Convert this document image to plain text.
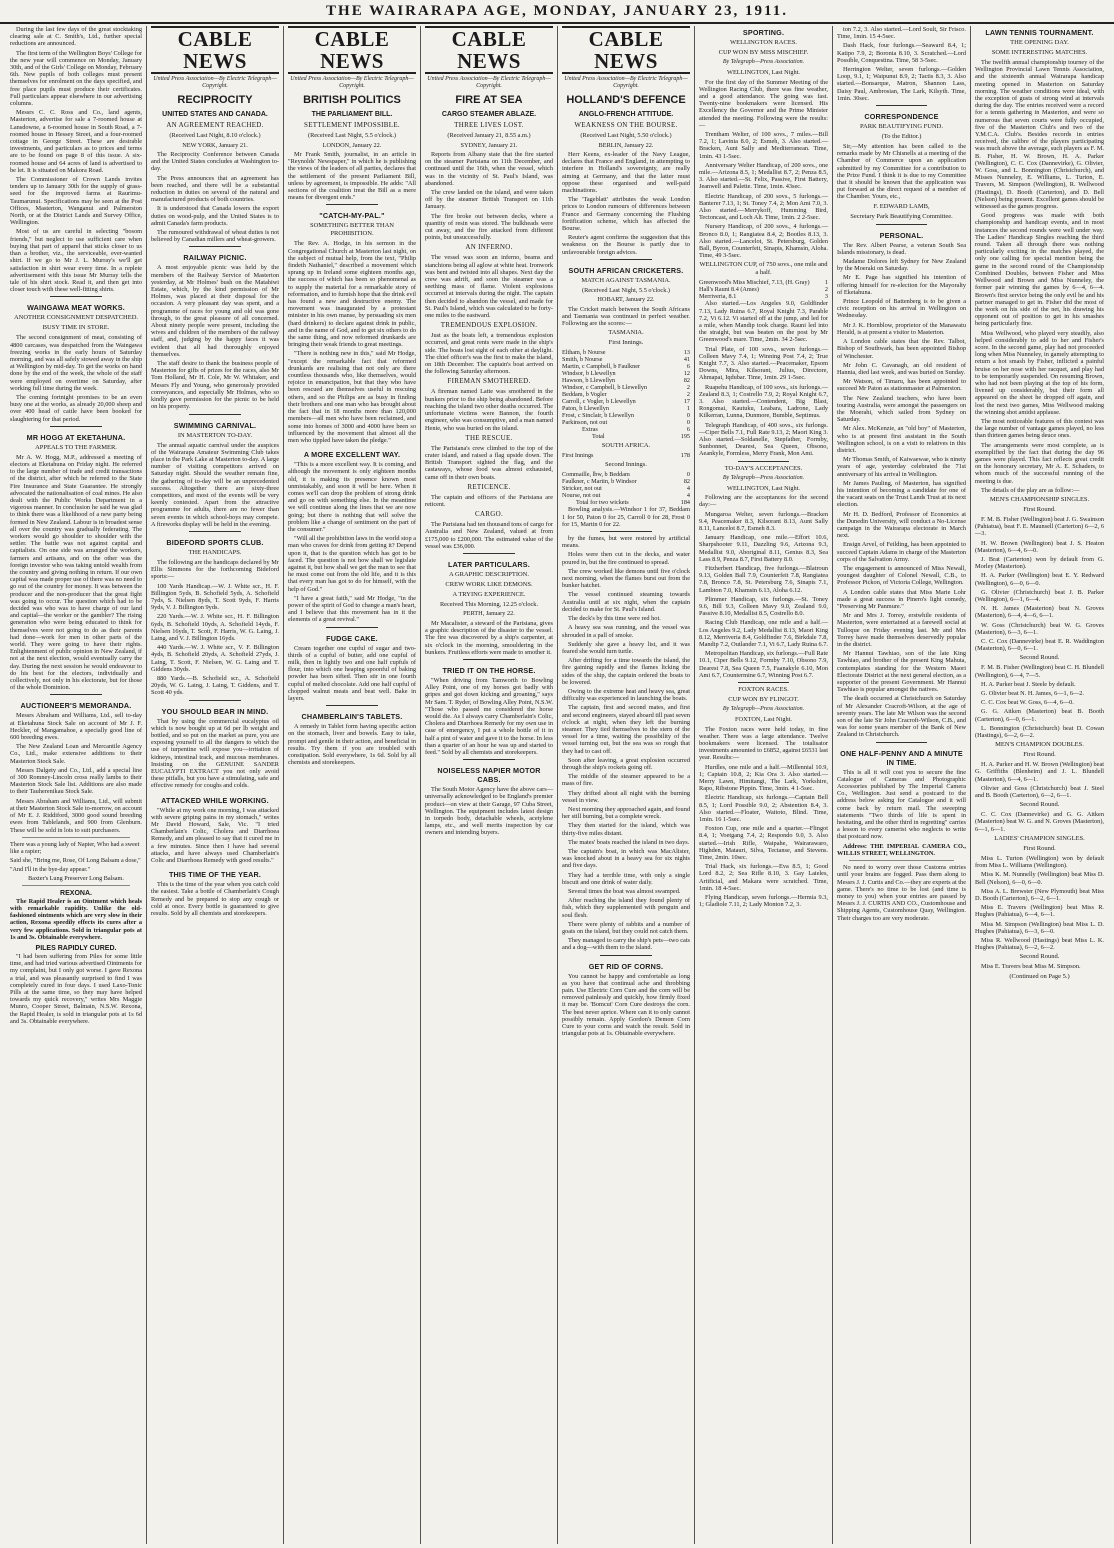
THE WAIRARAPA AGE, MONDAY, JANUARY 23, 1911.

During the last few days of the great stocktaking clearing sale at C. Smith's, Ltd., further special reductions are announced.

The first term of the Wellington Boys' College for the new year will commence on Monday, January 30th, and of the Girls' College on Monday, February 6th. New pupils of both colleges must present themselves for enrolment on the days specified, and free place pupils must produce their certificates. Full particulars appear elsewhere in our advertising columns.

Messrs C. C. Ross and Co., land agents, Masterton, advertise for sale a 7-roomed house at Lansdowne, a 6-roomed house in South Road, a 7-roomed house in Hessey Street, and a four-roomed cottage in George Street. These are desirable investments, and particulars as to prices and terms are to be found on page 8 of this issue. A six-roomed house and 64 acres of land is advertised to be let. It is situated on Makora Road.

The Commissioner of Crown Lands invites tenders up to January 30th for the supply of grass-seed for the improved farms at Raurimu-Taumarunui. Specifications may be seen at the Post Offices, Masterton, Wanganui and Palmerston North, or at the District Lands and Survey Office, Wellington.

Most of us are careful in selecting "bosom friends," but neglect to use sufficient care when buying that part of apparel that sticks closer to us than a brother, viz., the serviceable, ever-wanted shirt. If we go to Mr J. L. Murray's we'll get satisfaction in shirt wear every time. In a replete advertisement with this issue Mr Murray tells the tale of his shirt stock. Read it, and then get into closer touch with these well-fitting shirts.

WAINGAWA MEAT WORKS.
ANOTHER CONSIGNMENT DESPATCHED.
BUSY TIME IN STORE.

The second consignment of meat, consisting of 4800 carcases, was despatched from the Waingawa freezing works in the early hours of Saturday morning, and was all safely stowed away in the ship at Wellington by mid-day. To get the works on hand done by the end of the week, the whole of the staff were employed on overtime on Saturday, after working full time during the week.

The coming fortnight promises to be an even busy one at the works, as already 20,000 sheep and over 400 head of cattle have been booked for slaughtering for that period.

MR HOGG AT EKETAHUNA.
APPEALS TO THE FARMER.

Mr A. W. Hogg, M.P., addressed a meeting of electors at Eketahuna on Friday night. He referred to the large number of trade and credit transactions of the district, after which he referred to the State Fire Insurance and State Guarantee. He strongly advocated the nationalisation of coal mines. He also dealt with the Public Works Department in a vigorous manner. In conclusion he said he was glad to think there was a likelihood of a new party being formed in New Zealand. Labour is in broadest sense all over the country was gradually federating. The workers would go shoulder to shoulder with the settler. The battle was not against capital and capitalists. On one side was arranged the workers, farmers and artisans, and on the other was the foreign investor who was taking untold wealth from the country and giving nothing in return. If our own capital was made proper use of there was no need to go out of the country for money. It was between the producer and the non-producer that the great fight was going to occur. The question which had to be decided was who was to have charge of our land and capital—the worker or the gambler? The rising generation who were being educated to think for themselves were not going to do as their parents had done—work for men in other parts of the world. They were going to have their rights. Enlightenment of public opinion in New Zealand, if not at the next election, would eventually carry the day. During the next session he would endeavour to do his best for the electors, individually and collectively, not only in his electorate, but for those of the whole Dominion.

AUCTIONEER'S MEMORANDA.

Messrs Abraham and Williams, Ltd., sell to-day at Eketahuna Stock Sale on account of Mr J. F. Heckler, of Mangamahoe, a specially good line of 600 breeding ewes.

The New Zealand Loan and Mercantile Agency Co., Ltd., make extensive additions to their Masterton Stock Sale.

Messrs Dalgety and Co., Ltd., add a special line of 300 Romney-Lincoln cross really lambs to their Masterton Stock Sale list. Additions are also made to their Tauherenikau Stock Sale.

Messrs Abraham and Williams, Ltd., will submit at their Masterton Stock Sale to-morrow, on account of Mr E. J. Riddiford, 3000 good sound breeding ewes from Tablelands, and 900 from Glenburn. These will be sold in lots to suit purchasers.

There was a young lady of Napier, Who had a sweet like a rapier;
Said she, "Bring me, Rose, Of Long Balsam a dose,"
"And I'll in the bye-day appear."
Baxter's Lung Preserver Long Balsam.
REXONA.

The Rapid Healer is an Ointment which heals with remarkable rapidity. Unlike the old-fashioned ointments which are very slow in their action, Rexona speedily effects its cures after a very few applications. Sold in triangular pots at 1s and 3s. Obtainable everywhere.

PILES RAPIDLY CURED.

"I had been suffering from Piles for some little time, and had tried various advertised Ointments for my complaint, but I only got worse. I gave Rexona a trial, and was pleasantly surprised to find I was completely cured in four days. I used Laxo-Tonic Pills at the same time, so they may have helped towards my quick recovery," writes Mrs Maggie Munro, Cooper Street, Balmain, N.S.W. Rexona, the Rapid Healer, is sold in triangular pots at 1s 6d and 3s. Obtainable everywhere.

CABLE NEWS
United Press Association—By Electric Telegraph—Copyright.
RECIPROCITY
UNITED STATES AND CANADA.
AN AGREEMENT REACHED.
(Received Last Night, 8.10 o'clock.)
NEW YORK, January 21.

The Reciprocity Conference between Canada and the United States concludes at Washington to-day.

The Press announces that an agreement has been reached, and there will be a substantial reduction in duties on several of the natural and manufactured products of both countries.

It is understood that Canada lowers the export duties on wood-pulp, and the United States is to admit Canada's farm products.

The rumoured withdrawal of wheat duties is not believed by Canadian millers and wheat-growers.

RAILWAY PICNIC.

A most enjoyable picnic was held by the members of the Railway Service of Masterton yesterday, at Mr Holmes' bush on the Matahiwi Estate, which, by the kind permission of Mr Holmes, was placed at their disposal for the occasion. A very pleasant day was spent, and a programme of races for young and old was gone through, to the great pleasure of all concerned. About ninety people were present, including the wives and children of the members of the railway staff, and, judging by the happy faces it was evident that all had thoroughly enjoyed themselves.

The staff desire to thank the business people of Masterton for gifts of prizes for the races, also Mr Tom Holland, Mr H. Cole, Mr W. Whitaker, and Messrs Fly and Young, who generously provided conveyances, and especially Mr Holmes, who so kindly gave permission for the picnic to be held on his property.

SWIMMING CARNIVAL.
IN MASTERTON TO-DAY.

The annual aquatic carnival under the auspices of the Wairarapa Amateur Swimming Club takes place in the Park Lake at Masterton to-day. A large number of visiting competitors arrived on Saturday night. Should the weather remain fine, the gathering of to-day will be an unprecedented success. Altogether there are sixty-three competitors, and most of the events will be very keenly contested. Apart from the attractive programme for adults, there are no fewer than seven events in which school-boys may compete. A fireworks display will be held in the evening.

BIDEFORD SPORTS CLUB.
THE HANDICAPS.

The following are the handicaps declared by Mr Ellis Simmons for the forthcoming Bideford sports:—

100 Yards Handicap.—W. J. White scr., H. F. Billington 5yds, B. Schofield 5yds, A. Schofield 7yds, S. Nielsen 8yds, T. Scott 9yds, F. Harris 9yds, V. J. Billington 9yds.

220 Yards.—W. J. White scr., H. F. Billington 6yds, B. Schofield 10yds, A. Schofield 14yds, F. Nielsen 16yds, T. Scott, F. Harris, W. G. Laing, J. Laing, and V. J. Billington 16yds.

440 Yards.—W. J. White scr., V. F. Billington 4yds, B. Schofield 20yds, A. Schofield 27yds, J. Laing, T. Scott, F. Nielsen, W. G. Laing and T. Giddens 30yds.

880 Yards.—B. Schofield scr., A. Schofield 20yds, W. G. Laing, J. Laing, T. Giddens, and T. Scott 40 yds.

YOU SHOULD BEAR IN MIND.

That by using the commercial eucalyptus oil which is now bought up at 6d per lb weight and bottled, and so put on the market as pure, you are exposing yourself to all the dangers to which the use of turpentine will expose you—irritation of kidneys, intestinal track, and mucous membranes. Insisting on the GENUINE SANDER EUCALYPTI EXTRACT you not only avoid these pitfalls, but you have a stimulating, safe and effective remedy for coughs and colds.

ATTACKED WHILE WORKING.

"While at my work one morning, I was attacked with severe griping pains in my stomach," writes Mr David Howard, Sale, Vic. "I tried Chamberlain's Colic, Cholera and Diarrhoea Remedy, and am pleased to say that it cured me in a few minutes. Since then I have had several attacks, and have always used Chamberlain's Colic and Diarrhoea Remedy with good results."

THIS TIME OF THE YEAR.

This is the time of the year when you catch cold the easiest. Take a bottle of Chamberlain's Cough Remedy and be prepared to stop any cough or cold at once. Every bottle is guaranteed to give results. Sold by all chemists and storekeepers.

CABLE NEWS
United Press Association—By Electric Telegraph—Copyright.
BRITISH POLITICS
THE PARLIAMENT BILL.
SETTLEMENT IMPOSSIBLE.
(Received Last Night, 5.5 o'clock.)
LONDON, January 22.

Mr Frank Smith, journalist, in an article in "Reynolds' Newspaper," in which he is publishing the views of the leaders of all parties, declares that the settlement of the present Parliament Bill, unless by agreement, is impossible. He adds: "All sections of the coalition treat the Bill as a mere means for divergent ends."

"CATCH-MY-PAL."
SOMETHING BETTER THAN PROHIBITION.

The Rev. A. Hodge, in his sermon in the Congregational Church at Masterton last night, on the subject of mutual help, from the text, "Philip findeth Nathaniel," described a movement which sprang up in Ireland some eighteen months ago, the success of which has been so phenomenal as to supply the material for a remarkable story of reformation, and to furnish hope that the drink evil has found a new and destructive enemy. The movement was inaugurated by a protestant minister in his own manse, by persuading six men (hard drinkers) to declare against drink in public, and in the name of God, and to get six others to do the same thing, and now reformed drunkards are bringing their weak friends to great meetings.

"There is nothing new in this," said Mr Hodge, "except the remarkable fact that reformed drunkards are realising that not only are there countless thousands who, like themselves, would rejoice in emancipation, but that they who have been rescued are themselves useful in rescuing others, and so the Philips are as busy in finding their brothers and one man who has brought about the fact that in 18 months more than 120,000 members—all men who have been reclaimed, and some into homes of 3000 and 4000 have been so influenced by the movement that almost all the men who tippled have taken the pledge."

A MORE EXCELLENT WAY.

"This is a more excellent way. It is coming, and although the movement is only eighteen months old, it is making its presence known most unmistakably, and soon it will be here. When it comes we'll can drop the problem of strong drink and go on with something else. In the meantime we will continue along the lines that we are now going; but there is nothing that will solve the problem like a change of sentiment on the part of the consumer."

"Will all the prohibition laws in the world stop a man who craves for drink from getting it? Depend upon it, that is the question which has got to be faced. The question is not how shall we legislate against it, but how shall we get the man to see that he must come out from the old life, and it is this that every man has got to do for himself, with the help of God."

"I have a great faith," said Mr Hodge, "in the power of the spirit of God to change a man's heart, and I believe that this movement has in it the elements of a great revival."

FUDGE CAKE.

Cream together one cupful of sugar and two-thirds of a cupful of butter, add one cupful of milk, then in lightly two and one half cupfuls of flour, into which one heaping spoonful of baking powder has been sifted. Then stir in one fourth cupful of melted chocolate. Add one half cupful of chopped walnut meats and beat well. Bake in layers.

CHAMBERLAIN'S TABLETS.

A remedy in Tablet form having specific action on the stomach, liver and bowels. Easy to take, prompt and gentle in their action, and beneficial in results. Try them if you are troubled with constipation. Sold everywhere, 1s 6d. Sold by all chemists and storekeepers.

CABLE NEWS
United Press Association—By Electric Telegraph—Copyright.
FIRE AT SEA
CARGO STEAMER ABLAZE.
THREE LIVES LOST.
(Received January 21, 8.55 a.m.)
SYDNEY, January 21.

Reports from Albany state that the fire started on the steamer Parisiana on 11th December, and continued until the 16th, when the vessel, which was in the vicinity of St. Paul's Island, was abandoned.

The crew landed on the island, and were taken off by the steamer British Transport on 11th January.

The fire broke out between decks, where a quantity of resin was stored. The bulkheads were cut away, and the fire attacked from different points, but unsuccessfully.

AN INFERNO.

The vessel was soon an inferno, beams and stanchions being all aglow at white heat. Ironwork was bent and twisted into all shapes. Next day the crew was adrift, and soon the steamer was a seething mass of flame. Violent explosions occurred at intervals during the night. The captain then decided to abandon the vessel, and made for St. Paul's Island, which was calculated to be forty-one miles to the eastward.

TREMENDOUS EXPLOSION.

Just as the boats left, a tremendous explosion occurred, and great rents were made in the ship's side. The boats lost sight of each other at daylight. The chief officer's was the first to make the island, on 18th December. The captain's boat arrived on the following Saturday afternoon.

FIREMAN SMOTHERED.

A fireman named Latte was smothered in the bunkers prior to the ship being abandoned. Before reaching the island two other deaths occurred. The unfortunate victims were Bannon, the fourth engineer, who was consumptive, and a man named Henie, who was buried on the island.

THE RESCUE.

The Parisiana's crew climbed to the top of the crater island, and raised a flag upside down. The British Transport sighted the flag, and the castaways, whose food was almost exhausted, came off in their own boats.

RETICENCE.

The captain and officers of the Parisiana are reticent.

CARGO.

The Parisiana had ten thousand tons of cargo for Australia and New Zealand, valued at from £175,000 to £200,000. The estimated value of the vessel was £36,000.

LATER PARTICULARS.
A GRAPHIC DESCRIPTION.
CREW WORK LIKE DEMONS.
A TRYING EXPERIENCE.
Received This Morning, 12.25 o'clock.
PERTH, January 22.

Mr Macalister, a steward of the Parisiana, gives a graphic description of the disaster to the vessel. The fire was discovered by a ship's carpenter, at six o'clock in the morning, smouldering in the bunkers. Fruitless efforts were made to smother it.

TRIED IT ON THE HORSE.

"When driving from Tamworth to Bowling Alley Point, one of my horses got badly with gripes and got down kicking and groaning," says Mr Sam. T. Ryder, of Bowling Alley Point, N.S.W. "Those who passed me considered the horse would die. As I always carry Chamberlain's Colic, Cholera and Diarrhoea Remedy for my own use in case of emergency, I put a whole bottle of it in half a pint of water and gave it to the horse. In less than a quarter of an hour he was up and started to feed." Sold by all chemists and storekeepers.

NOISELESS NAPIER MOTOR CABS.

The South Motor Agency have the above cars—universally acknowledged to be England's premier product—on view at their Garage, 97 Cuba Street, Wellington. The equipment includes latest design in torpedo body, detachable wheels, acetylene lamps, etc., and well merits inspection by car owners and intending buyers.

CABLE NEWS
United Press Association—By Electric Telegraph—Copyright.
HOLLAND'S DEFENCE
ANGLO-FRENCH ATTITUDE.
WEAKNESS ON THE BOURSE.
(Received Last Night, 5.50 o'clock.)
BERLIN, January 22.

Herr Keens, ex-leader of the Navy League, declares that France and England, in attempting to interfere in Holland's sovereignty, are really aiming at Germany, and that the latter must oppose these organised and well-paid machinations.

The 'Tageblatt' attributes the weak London prices to London rumours of differences between France and Germany concerning the Flushing fortification scheme, which has affected the Bourse.

Reuter's agent confirms the suggestion that this weakness on the Bourse is partly due to unfavourable foreign advices.

SOUTH AFRICAN CRICKETERS.
MATCH AGAINST TASMANIA.
(Received Last Night, 5.5 o'clock.)
HOBART, January 22.

The Cricket match between the South Africans and Tasmania was continued in perfect weather. Following are the scores:—

TASMANIA.
First Innings.
Eltham, b Nourse	13
Smith, b Nourse	41
Martin, c Campbell, b Faulkner	6
Windsor, b Llewellyn	12
Hawson, b Llewellyn	82
Windsor, c Campbell, b Llewellyn	2
Beddam, b Vogler	2
Carroll, c Vogler, b Llewellyn	17
Paton, b Llewellyn	1
Frost, c Sinclair, b Llewellyn	0
Parkinson, not out	0
Extras	6
Total	195
SOUTH AFRICA.
First Innings	178
Second Innings.
Commaille, lbw, b Beddam	0
Faulkner, c Martin, b Windsor	82
Stricker, not out	4
Nourse, not out	4
Total for two wickets	184

Bowling analysis.—Windsor 1 for 37, Beddam 1 for 50, Paton 0 for 25, Carroll 0 for 28, Frost 0 for 15, Martin 0 for 22.

by the fumes, but were restored by artificial means.

Holes were then cut in the decks, and water poured in, but the fire continued to spread.

The crew worked like demons until five o'clock next morning, when the flames burst out from the bunker hatchet.

The vessel continued steaming towards Australia until at six night, when the captain decided to make for St. Paul's Island.

The deck's by this time were red hot.

A heavy sea was running, and the vessel was shrouded in a pall of smoke.

Suddenly she gave a heavy list, and it was feared she would turn turtle.

After drifting for a time towards the island, the fire gaining rapidly and the flames licking the sides of the ship, the captain ordered the boats to be lowered.

Owing to the extreme heat and heavy sea, great difficulty was experienced in launching the boats.

The captain, first and second mates, and first and second engineers, stayed aboard till past seven o'clock at night, when they left the burning steamer. They tied themselves to the stern of the vessel for a time, waiting the possibility of the vessel turning out, but the sea was so rough that they had to cast off.

Soon after leaving, a great explosion occurred through the ship's rockets going off.

The middle of the steamer appeared to be a mass of fire.

They drifted about all night with the burning vessel in view.

Next morning they approached again, and found her still burning, but a complete wreck.

They then started for the island, which was thirty-five miles distant.

The mates' boats reached the island in two days.

The captain's boat, in which was MacAlister, was knocked about in a heavy sea for six nights and five days.

They had a terrible time, with only a single biscuit and one drink of water daily.

Several times the boat was almost swamped.

After reaching the island they found plenty of fish, which they supplemented with penguin and soul flesh.

There were plenty of rabbits and a number of goats on the island, but they could not catch them.

They managed to carry the ship's pets—two cats and a dog—with them to the island.

GET RID OF CORNS.

You cannot be happy and comfortable as long as you have that continual ache and throbbing pain. Use Electric Corn Cure and the corn will be removed painlessly and quickly, how firmly fixed it may be. 'Bomcut' Corn Cure destroys the corn. The best never aprice. Where can it to only cannot possibly remain. Apply Gordon's Demon Corn Cure to your corns and watch the result. Sold in triangular pots at 1s. Obtainable everywhere.

SPORTING.
WELLINGTON RACES.
CUP WON BY MISS MISCHIEF.
By Telegraph—Press Association.
WELLINGTON, Last Night.

For the first day of the Summer Meeting of the Wellington Racing Club, there was fine weather, and a good attendance. The going was fast. Twenty-nine bookmakers were licensed. His Excellency the Governor and the Prime Minister attended the meeting. Following were the results:—

Trentham Welter, of 100 sovs., 7 miles.—Bill 7.2, 1; Lavinia 8.0, 2; Esmeh, 3. Also started.—Bracken, Aunt Sally and Mediterranean. Time, 1min. 43 1-5sec.

Anniversary Welter Handicap, of 200 sovs., one mile.—Arizona 8.5, 1; Medallist 8.7, 2; Penza 8.5, 3. Also started.—St. Felix, Passive, First Battery, Jeanwell and Palette. Time, 1min. 43sec.

Electric Handicap, of 200 sovs., 5 furlongs.—Banterer 7.13, 1; St. Toney 7.4, 2; Mon Ami 7.0, 3. Also started.—Merrykoff, Humming Bird, Tectoncast, and Loch Alt. Time, 1min. 2 2-5sec.

Nursery Handicap, of 200 sovs., 4 furlongs.—Bronco 8.0, 1; Rangiatea 8.4, 2; Bootles 8.13, 3. Also started.—Lancelot, St. Petersburg, Golden Ball, Byron, Counterfeit, Sinapis, Khamsin, Aloha. Time, 49 3-5sec.

WELLINGTON CUP, of 750 sovs., one mile and a half.
Greenwood's Miss Mischief, 7.13, (H. Gray)	1
Hall's Rauni 8.4 (Ames)	2
Merriveria, 8.1	3

Also started.—Los Angeles 9.0, Goldfinder 7.13, Lady Ruina 6.7, Royal Knight 7.3, Parable 7.2, Vi 6.12. Vi started off at the jump, and led for a mile, when Mandip took charge. Rauni led into the straight, but was beaten on the post by Mr Greenwood's mare. Time, 2min. 34 2-5sec.

Trial Plate, of 100 sovs., seven furlongs.—Colleen Mavy 7.4, 1; Winning Post 7.4, 2; True Knight 7.7, 3. Also started.—Peacemaker, Epsom Downs, Mira, Kilsorant, Julius, Directore, Ahmapai, Iqdubar. Time, 1min. 29 1-5sec.

Ruapehu Handicap, of 100 sovs., six furlongs.—Zealand 8.3, 1; Costrello 7.9, 2; Royal Knight 6.7, 3. Also started.—Contendent, Big Blast, Rongomai, Kautuku, Leabara, Ladrone, Lady Kilkerran, Lunna, Dunmore, Bumble, Septimus.

Telegraph Handicap, of 400 sovs., six furlongs.—Ciper Bells 7.1, Full Rate 9.13, 2; Maori King 3. Also started.—Soldanelle, Stepfather, Formby, Sunbonnet, Dearest, Sea Queen, Obsono, Aeankyle, Formless, Merry Frank, Mon Ami.

TO-DAY'S ACCEPTANCES.
By Telegraph—Press Association.
WELLINGTON, Last Night.

Following are the acceptances for the second day:—

Mungaroa Welter, seven furlongs.—Bracken 9.4, Peacemaker 8.3, Kilsorant 8.13, Aunt Sally 8.11, Lancelot 8.7, Esmeh 8.3.

January Handicap, one mile.—Effort 10.6, Sharpshooter 9.11, Dazzling 9.6, Arizona 9.3, Medallist 9.0, Aboriginal 8.11, Genius 8.3, Sea Lass 8.9, Penza 8.7, First Battery 8.0.

Fitzherbert Handicap, five furlongs.—Blatroun 9.13, Golden Ball 7.9, Counterfeit 7.8, Rangiatea 7.8, Bronco 7.8, St. Petersburg 7.6, Sinapis 7.1, Lambton 7.0, Khamsin 6.13, Aloha 6.12.

Plimmer Handicap, six furlongs.—St. Toney 9.6, Bill 9.3, Colleen Mavy 9.0, Zealand 9.0, Passive 8.10, Medallist 8.5, Costrello 8.0.

Racing Club Handicap, one mile and a half.—Los Angeles 9.2, Lady Medallist 8.13, Maori King 8.12, Merriveria 8.4, Goldfinder 7.6, Birkdale 7.8, Mandip 7.2, Outlander 7.1, Vi 6.7, Lady Ruina 6.7.

Metropolitan Handicap, six furlongs.—Full Rate 10.1, Ciper Bells 9.12, Formby 7.10, Obsono 7.9, Dearest 7.8, Sea Queen 7.5, Faanakyle 6.10, Mon Ami 6.7, Countermine 6.7, Winning Post 6.7.

FOXTON RACES.
CUP WON BY FLINGOT.
By Telegraph—Press Association.
FOXTON, Last Night.

The Foxton races were held today, in fine weather. There was a large attendance. Twelve bookmakers were licensed. The totalisator investments amounted to £6852, against £6531 last year. Results:—

Hurdles, one mile and a half.—Millennial 10.9, 1; Captain 10.8, 2; Kia Ora 3. Also started.—Merry Lawn, Himitangi, The Lark, Yorkshire, Rapo, Ribstone Pippin. Time, 3min. 4 1-5sec.

Electric Handicap, six furlongs.—Captain Bell 8.5, 1; Lord Possible 9.0, 2; Abstention 8.4, 3. Also started.—Floater, Waitoto, Blind. Time, 1min. 16 1-5sec.

Foxton Cup, one mile and a quarter.—Flingot 8.4, 1; Voetgang 7.4, 2; Respondo 9.0, 3. Also started.—Irish Rifle, Waipahe, Wairarawaro, Highden, Matauri, Silva, Tectanse, and Stevens. Time, 2min. 10sec.

Trial Hack, six furlongs.—Eva 8.5, 1; Good Lord 8.2, 2; Sea Rifle 8.10, 3. Gay Laieles, Artificial, and Makara were scratched. Time, 1min. 18 4-5sec.

Flying Handicap, seven furlongs.—Hermia 9.3, 1; Gladiole 7.11, 2; Lady Monton 7.2, 3.

ton 7.2, 3. Also started.—Lord Soult, Sir Frisco. Time, 1min. 15 4-5sec.

Dash Hack, four furlongs.—Seaward 8.4, 1; Katipo 7.9, 2; Boronia 8.10, 3. Scratched.—Lord Possible, Conquestina. Time, 58 3-5sec.

Herrington Welter, seven furlongs.—Golden Loop, 9.1, 1; Waipunui 8.9, 2; Tactis 8.3, 3. Also started.—Bonsarque, Matron, Shannon Lass, Daisy Paul, Ambrosian, The Lark, Kilsyth. Time, 1min. 30sec.

CORRESPONDENCE
PARK BEAUTIFYING FUND.
(To the Editor.)

Sir,—My attention has been called to the remarks made by Mr Chisnells at a meeting of the Chamber of Commerce upon an application submitted by my Committee for a contribution to the Prize Fund. I think it is due to my Committee that it should be known that the application was put forward at the direct request of a member of the Chamber. Yours, etc.,

F. EDWARD LAMB,
Secretary Park Beautifying Committee.
PERSONAL.

The Rev. Albert Pearse, a veteran South Sea Islands missionary, is dead.

Madame Dolores left Sydney for New Zealand by the Moeraki on Saturday.

Mr E. Page has signified his intention of offering himself for re-election for the Mayoralty of Eketahuna.

Prince Leopold of Battenberg is to be given a civic reception on his arrival in Wellington on Wednesday.

Mr J. K. Hornblow, proprietor of the Manawatu Herald, is at present a visitor to Masterton.

A London cable states that the Rev. Talbot, Bishop of Southwark, has been appointed Bishop of Winchester.

Mr John C. Cavanagh, an old resident of Hannia, died last week, and was buried on Sunday.

Mr Watson, of Timaru, has been appointed to succeed Mr Paton as stationmaster at Palmerston.

The New Zealand teachers, who have been touring Australia, were amongst the passengers on the Moerahi, which sailed from Sydney on Saturday.

Mr Alex. McKenzie, an "old boy" of Masterton, who is at present first assistant in the South Wellington school, is on a visit to relatives in this district.

Mr Thomas Smith, of Kaiwaewae, who is ninety years of age, yesterday celebrated the 71st anniversary of his arrival in Wellington.

Mr James Pauling, of Masterton, has signified his intention of becoming a candidate for one of the vacant seats on the Trust Lands Trust at its next election.

Mr H. D. Bedford, Professor of Economics at the Dunedin University, will conduct a No-License campaign in the Wairarapa electorate in March next.

Ensign Arvel, of Feilding, has been appointed to succeed Captain Adams in charge of the Masterton corps of the Salvation Army.

The engagement is announced of Miss Newall, youngest daughter of Colonel Newall, C.B., to Professor Pickon, of Victoria College, Wellington.

A London cable states that Miss Marie Lohr made a great success in Pinero's light comedy, "Preserving Mr Panmure."

Mr and Mrs J. Torrey, erstwhile residents of Masterton, were entertained at a farewell social at Tulloque on Friday evening last. Mr and Mrs Torrey have made themselves deservedly popular in the district.

Mr Hannui Tawhiao, son of the late King Tawhiao, and brother of the present King Mahuta, contemplates standing for the Western Maori Electorate District at the next general election, as a supporter of the present Government. Mr Hannui Tawhiao is popular amongst the natives.

The death occurred at Christchurch on Saturday of Mr Alexander Cracroft-Wilson, at the age of seventy years. The late Mr Wilson was the second son of the late Sir John Cracroft-Wilson, C.B., and was for some years member of the Bank of New Zealand in Christchurch.

ONE HALF-PENNY AND A MINUTE IN TIME.

This is all it will cost you to secure the fine Catalogue of Cameras and Photographic Accessories published by The Imperial Camera Co., Wellington. Just send a postcard to the address below asking for Catalogue and it will come back by return mail. The sweeping statements "Two thirds of life is spent in hesitating, and the other third in regretting" carries a lesson to every camerist who neglects to write that postcard now.

Address: THE IMPERIAL CAMERA CO., WILLIS STREET, WELLINGTON.

No need to worry over those Customs entries until your brains are fogged. Pass them along to Messrs J. J. Curtis and Co.—they are experts at the game. There's no time to be lost (and time is money to you) when your entries are passed by Messrs J. J. CURTIS AND CO., Customhouse and Shipping Agents, Customhouse Quay, Wellington. Their charges too are very moderate.

LAWN TENNIS TOURNAMENT.
THE OPENING DAY.
SOME INTERESTING MATCHES.

The twelfth annual championship tourney of the Wellington Provincial Lawn Tennis Association, and the sixteenth annual Wairarapa handicap meeting opened in Masterton on Saturday morning. The weather conditions were ideal, with the exception of gusts of strong wind at intervals during the day. The entries received were a record for a tennis gathering in Masterton, and were so numerous that seven courts were fully occupied, five of the Masterton Club's and two of the Y.M.C.A. Club's. Besides records in entries received, the calibre of the players participating was much above the average, such players as F. M. B. Fisher, H. W. Brown, H. A. Parker (Wellington), C. C. Cox (Dannevirke), G. Olivier, W. Goss, and L. Bonnington (Christchurch), and Misses Nunneley, E. Williams, L. Turton, E. Travers, M. Simpson (Wellington), R. Wellwood (Hastings), D. Booth (Carterton), and D. Bell (Nelson) being present. Excellent games should be witnessed as the games progress.

Good progress was made with both championship and handicap events, and in most instances the second rounds were well under way. The Ladies' Handicap Singles reaching the third round. Taken all through there was nothing particularly exciting in the matches played, the only one calling for special mention being the game in the second round of the Championship Combined Doubles, between Fisher and Miss Wellwood and Brown and Miss Nunneley, the former pair winning the games by 6—4, 6—4. Brown's first service being the only evil he and his partner managed to get in. Fisher did the most of the work on his side of the net, his drawing his opponent out of position to get in his smashes being particularly fine.

Miss Wellwood, who played very steadily, also helped considerably to add to her and Fisher's score. In the second game, play had not proceeded long when Miss Nunneley, in gamely attempting to return a hot smash by Fisher, inflicted a painful bruise on her nose with her racquet, and play had to be temporarily suspended. On resuming Brown, who had not been playing at the top of his form, livened up considerably, but their form all appeared on the sheet he dropped off again, and lost the next two games, Miss Wellwood making the winning shot amidst applause.

The most noticeable features of this contest was the large number of vantage games played, no less than thirteen games being deuce ones.

The arrangements were most complete, as is exemplified by the fact that during the day 96 games were played. This fact reflects great credit on the honorary secretary, Mr A. E. Schaders, to whom much of the successful running of the meeting is due.

The details of the play are as follow:—

MEN'S CHAMPIONSHIP SINGLES.
First Round.

F. M. B. Fisher (Wellington) beat J. G. Swainson (Pahiatua), beat F. E. Maunsell (Carterton) 6—2, 6—3.

H. W. Brown (Wellington) beat J. S. Heaton (Masterton), 6—4, 6—0.

J. Brat (Carterton) won by default from G. Morley (Masterton).

H. A. Parker (Wellington) beat E. Y. Redward (Wellington), 6—0, 6—0.

G. Olivier (Christchurch) beat J. B. Parker (Wellington), 6—1, 6—4.

N. H. James (Masterton) beat N. Groves (Masterton), 6—4, 4—6, 6—1.

W. Goss (Christchurch) beat W. G. Groves (Masterton), 6—3, 6—1.

C. C. Cox (Dannevirke) beat E. R. Waddington (Masterton), 6—0, 6—1.

Second Round.

F. M. B. Fisher (Wellington) beat C. H. Blundell (Wellington), 6—4, 7—5.

H. A. Parker beat J. Steele by default.

G. Olivier beat N. H. James, 6—1, 6—2.

C. C. Cox beat W. Goss, 6—4, 6—0.

G. G. Aitken (Masterton) beat B. Booth (Carterton), 6—0, 6—1.

L. Bonnington (Christchurch) beat D. Cowan (Hastings), 6—2, 6—2.

MEN'S CHAMPION DOUBLES.
First Round.

H. A. Parker and H. W. Brown (Wellington) beat G. Griffiths (Blenheim) and J. L. Blundell (Masterton), 6—4, 6—1.

Olivier and Goss (Christchurch) beat J. Steel and B. Booth (Carterton), 6—2, 6—1.

Second Round.

C. C. Cox (Dannevirke) and G. G. Aitken (Masterton) beat W. G. and N. Groves (Masterton), 6—1, 6—1.

LADIES' CHAMPION SINGLES.
First Round.

Miss L. Turton (Wellington) won by default from Miss L. Williams (Wellington).

Miss K. M. Nunnelly (Wellington) beat Miss D. Bell (Nelson), 6—0, 6—0.

Miss A. L. Brewster (New Plymouth) beat Miss D. Booth (Carterton), 6—2, 6—1.

Miss E. Travers (Wellington) beat Miss R. Hughes (Pahiatua), 6—4, 6—1.

Miss M. Simpson (Wellington) beat Miss L. D. Hughes (Pahiatua), 6—3, 6—0.

Miss R. Wellwood (Hastings) beat Miss L. K. Hughes (Pahiatua), 6—2, 6—2.

Second Round.

Miss E. Travers beat Miss M. Simpson.

(Continued on Page 5.)
